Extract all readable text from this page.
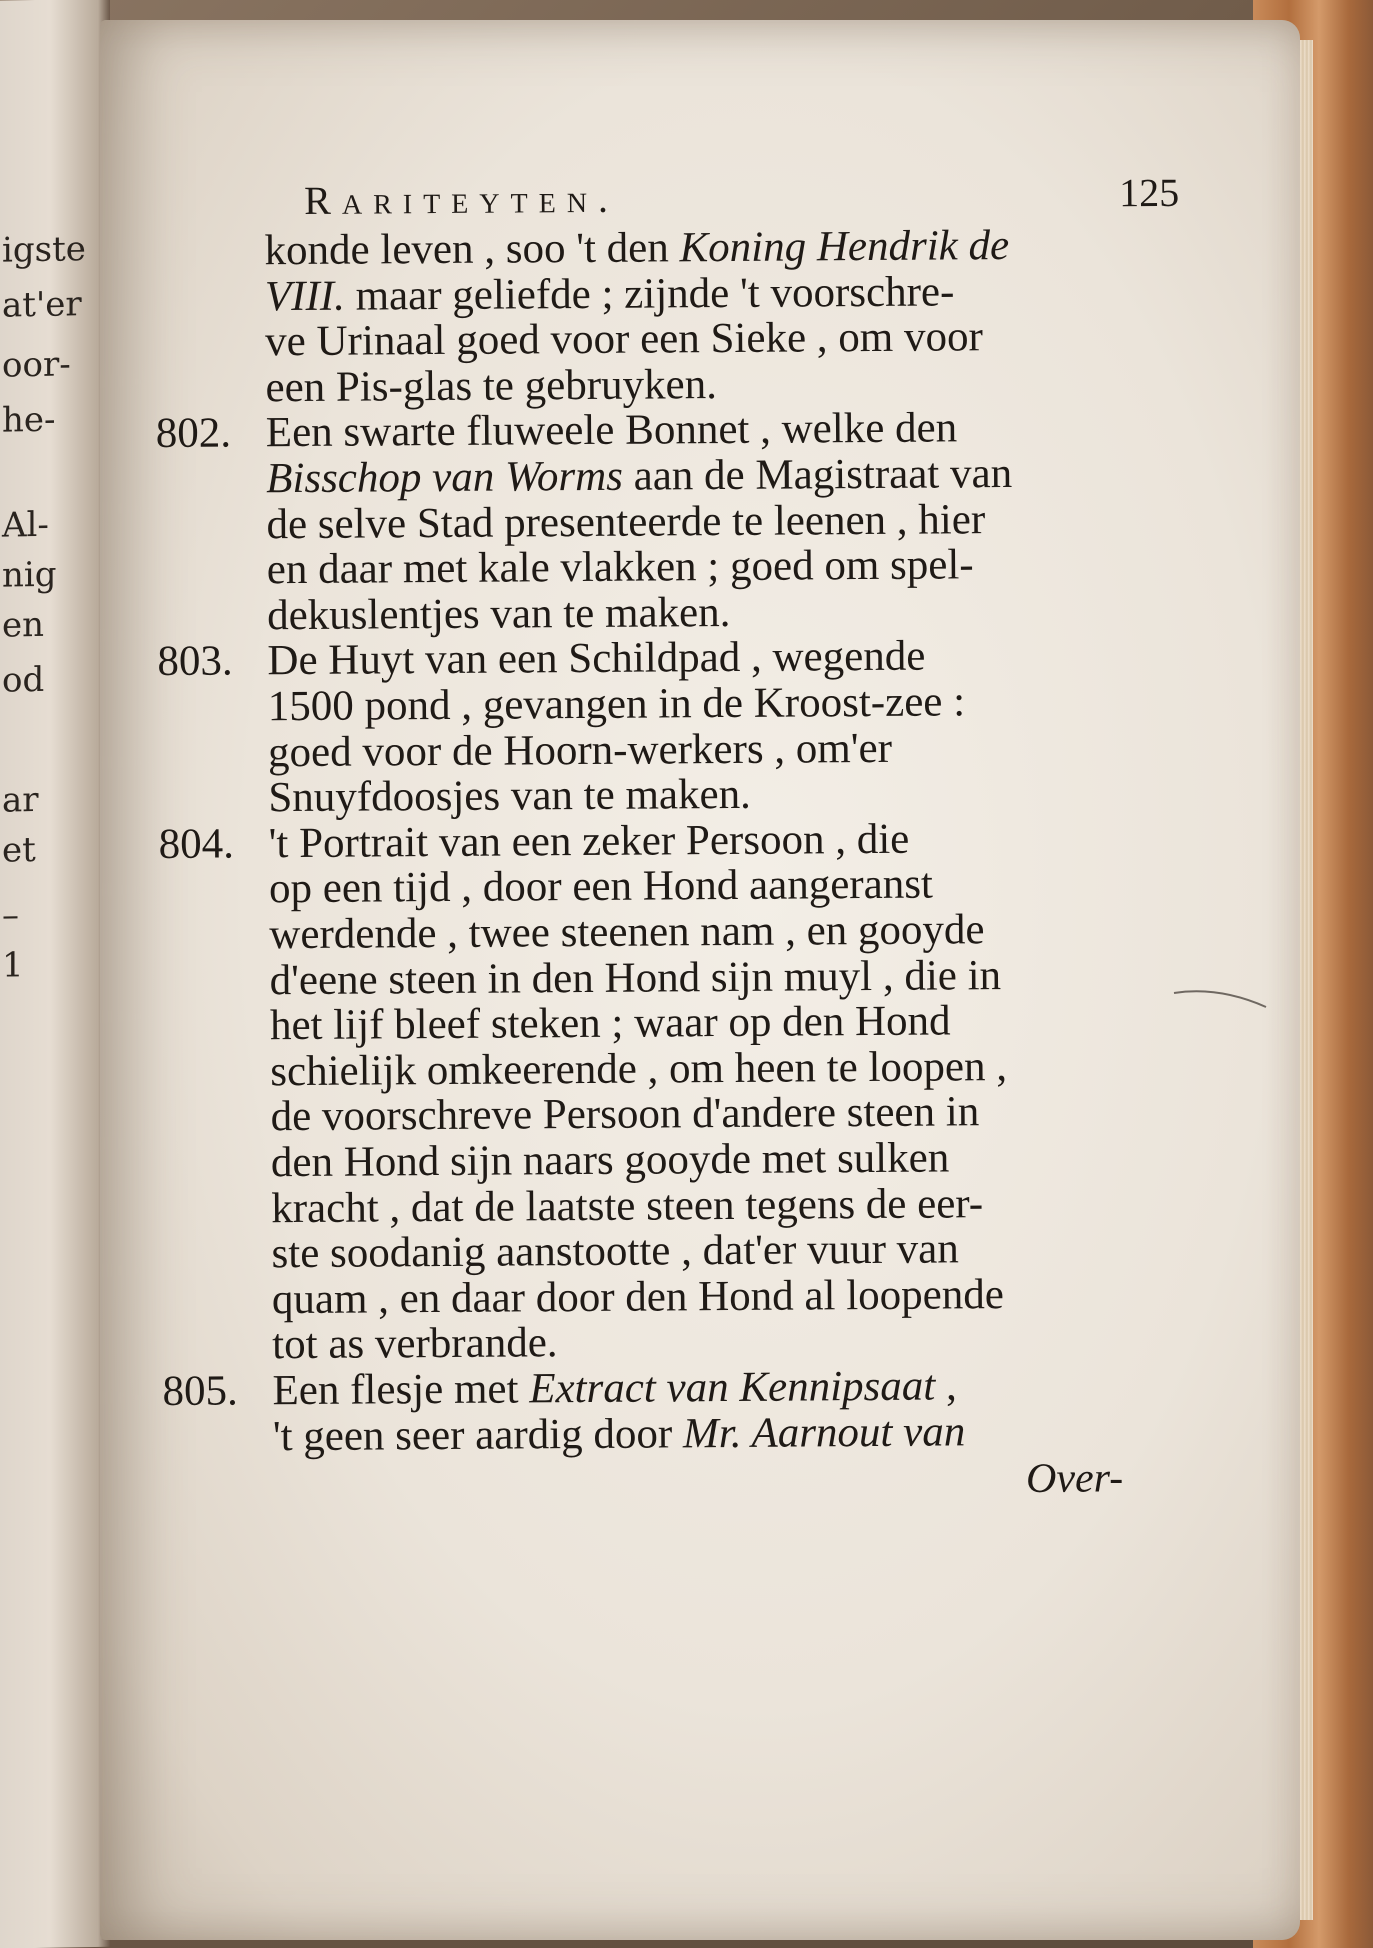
igste
at'er
oor-
he-
Al-
nig
en
od
ar
et
–
1
Rariteyten.	125
konde leven , soo 't den Koning Hendrik de
VIII. maar geliefde ; zijnde 't voorschre-
ve Urinaal goed voor een Sieke , om voor
een Pis-glas te gebruyken.
802. Een swarte fluweele Bonnet , welke den
Bisschop van Worms aan de Magistraat van
de selve Stad presenteerde te leenen , hier
en daar met kale vlakken ; goed om spel-
dekuslentjes van te maken.
803. De Huyt van een Schildpad , wegende
1500 pond , gevangen in de Kroost-zee :
goed voor de Hoorn-werkers , om'er
Snuyfdoosjes van te maken.
804. 't Portrait van een zeker Persoon , die
op een tijd , door een Hond aangeranst
werdende , twee steenen nam , en gooyde
d'eene steen in den Hond sijn muyl , die in
het lijf bleef steken ; waar op den Hond
schielijk omkeerende , om heen te loopen ,
de voorschreve Persoon d'andere steen in
den Hond sijn naars gooyde met sulken
kracht , dat de laatste steen tegens de eer-
ste soodanig aanstootte , dat'er vuur van
quam , en daar door den Hond al loopende
tot as verbrande.
805. Een flesje met Extract van Kennipsaat ,
't geen seer aardig door Mr. Aarnout van
Over-
